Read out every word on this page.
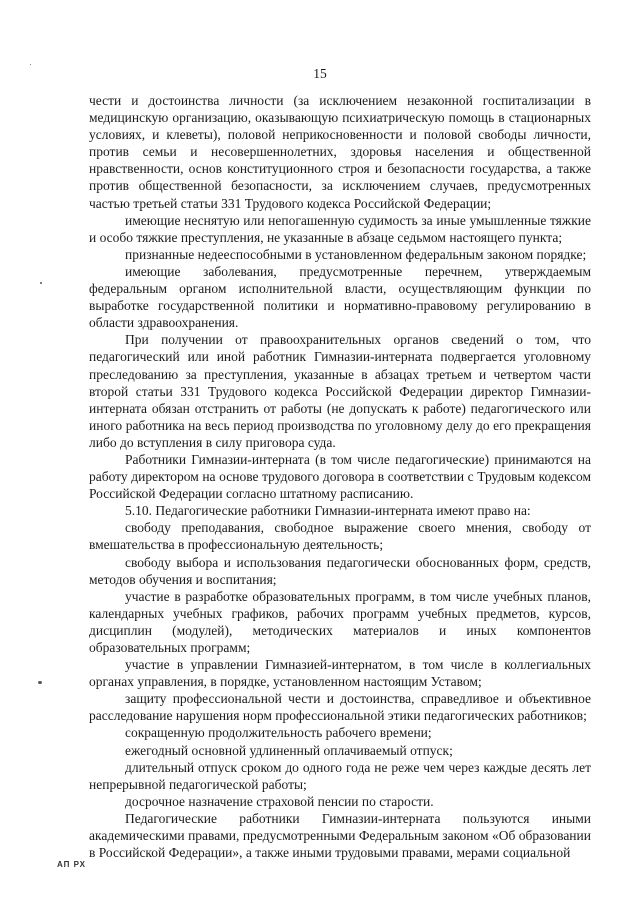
15

чести и достоинства личности (за исключением незаконной госпитализации в медицинскую организацию, оказывающую психиатрическую помощь в стационарных условиях, и клеветы), половой неприкосновенности и половой свободы личности, против семьи и несовершеннолетних, здоровья населения и общественной нравственности, основ конституционного строя и безопасности государства, а также против общественной безопасности, за исключением случаев, предусмотренных частью третьей статьи 331 Трудового кодекса Российской Федерации;

имеющие неснятую или непогашенную судимость за иные умышленные тяжкие и особо тяжкие преступления, не указанные в абзаце седьмом настоящего пункта;

признанные недееспособными в установленном федеральным законом порядке;

имеющие заболевания, предусмотренные перечнем, утверждаемым федеральным органом исполнительной власти, осуществляющим функции по выработке государственной политики и нормативно-правовому регулированию в области здравоохранения.

При получении от правоохранительных органов сведений о том, что педагогический или иной работник Гимназии-интерната подвергается уголовному преследованию за преступления, указанные в абзацах третьем и четвертом части второй статьи 331 Трудового кодекса Российской Федерации директор Гимназии-интерната обязан отстранить от работы (не допускать к работе) педагогического или иного работника на весь период производства по уголовному делу до его прекращения либо до вступления в силу приговора суда.

Работники Гимназии-интерната (в том числе педагогические) принимаются на работу директором на основе трудового договора в соответствии с Трудовым кодексом Российской Федерации согласно штатному расписанию.

5.10. Педагогические работники Гимназии-интерната имеют право на:

свободу преподавания, свободное выражение своего мнения, свободу от вмешательства в профессиональную деятельность;

свободу выбора и использования педагогически обоснованных форм, средств, методов обучения и воспитания;

участие в разработке образовательных программ, в том числе учебных планов, календарных учебных графиков, рабочих программ учебных предметов, курсов, дисциплин (модулей), методических материалов и иных компонентов образовательных программ;

участие в управлении Гимназией-интернатом, в том числе в коллегиальных органах управления, в порядке, установленном настоящим Уставом;

защиту профессиональной чести и достоинства, справедливое и объективное расследование нарушения норм профессиональной этики педагогических работников;

сокращенную продолжительность рабочего времени;

ежегодный основной удлиненный оплачиваемый отпуск;

длительный отпуск сроком до одного года не реже чем через каждые десять лет непрерывной педагогической работы;

досрочное назначение страховой пенсии по старости.

Педагогические работники Гимназии-интерната пользуются иными академическими правами, предусмотренными Федеральным законом «Об образовании в Российской Федерации», а также иными трудовыми правами, мерами социальной

АП РХ
